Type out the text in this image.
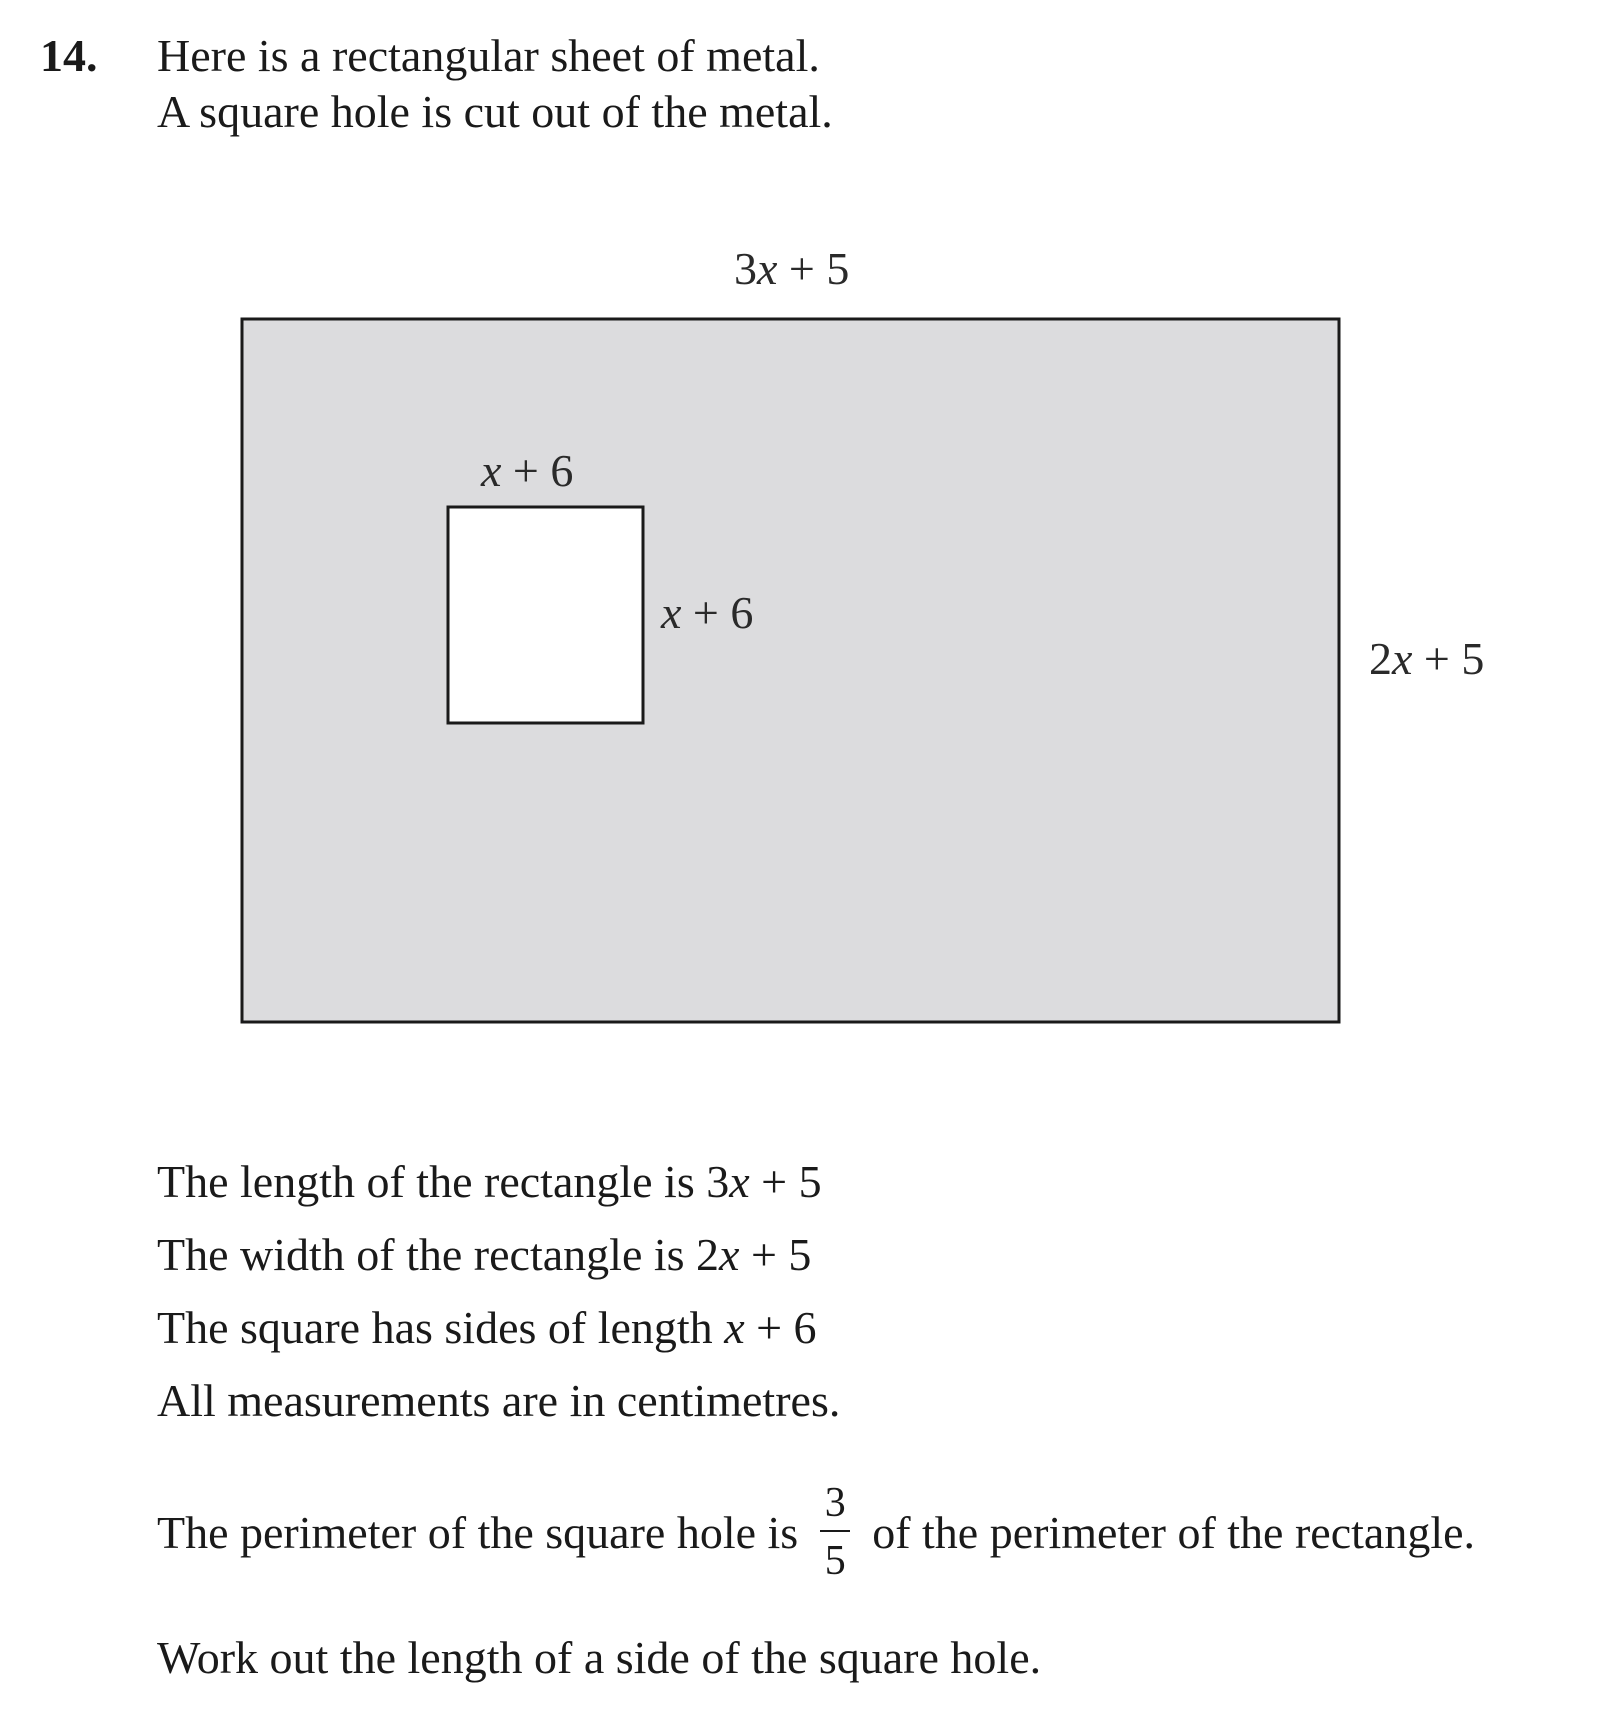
14. Here is a rectangular sheet of metal.
A square hole is cut out of the metal.
3x + 5
2x + 5
x + 6
x + 6
The length of the rectangle is 3x + 5
The width of the rectangle is 2x + 5
The square has sides of length x + 6
All measurements are in centimetres.
The perimeter of the square hole is $\frac{3}{5}$ of the perimeter of the rectangle.
Work out the length of a side of the square hole.
